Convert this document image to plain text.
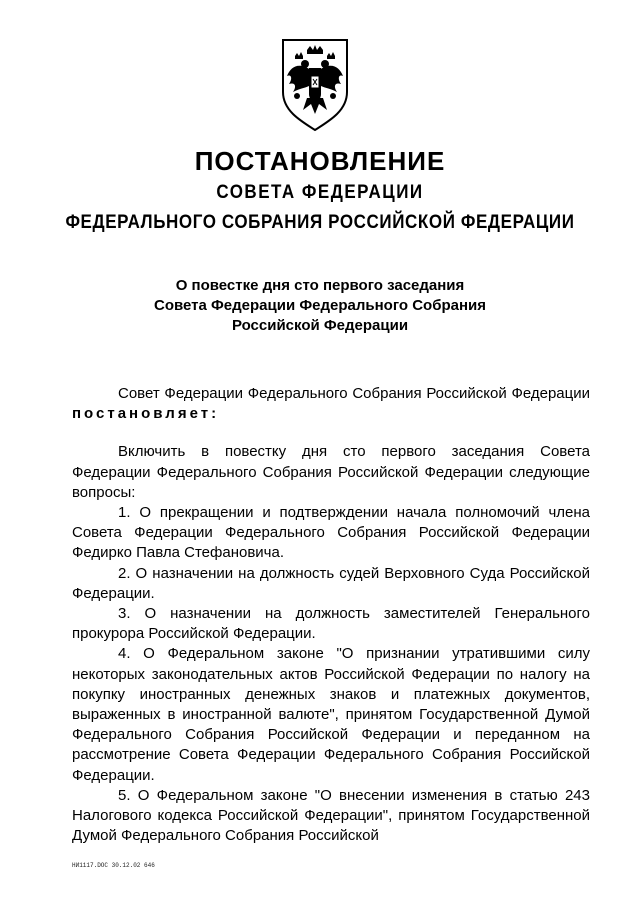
ПОСТАНОВЛЕНИЕ
СОВЕТА ФЕДЕРАЦИИ
ФЕДЕРАЛЬНОГО СОБРАНИЯ РОССИЙСКОЙ ФЕДЕРАЦИИ
О повестке дня сто первого заседания
Совета Федерации Федерального Собрания
Российской Федерации

Совет Федерации Федерального Собрания Российской Федерации постановляет:

Включить в повестку дня сто первого заседания Совета Федерации Федерального Собрания Российской Федерации следующие вопросы:

1. О прекращении и подтверждении начала полномочий члена Совета Федерации Федерального Собрания Российской Федерации Федирко Павла Стефановича.

2. О назначении на должность судей Верховного Суда Российской Федерации.

3. О назначении на должность заместителей Генерального прокурора Российской Федерации.

4. О Федеральном законе "О признании утратившими силу некоторых законодательных актов Российской Федерации по налогу на покупку иностранных денежных знаков и платежных документов, выраженных в иностранной валюте", принятом Государственной Думой Федерального Собрания Российской Федерации и переданном на рассмотрение Совета Федерации Федерального Собрания Российской Федерации.

5. О Федеральном законе "О внесении изменения в статью 243 Налогового кодекса Российской Федерации", принятом Государственной Думой Федерального Собрания Российской

НИ1117.DOC 30.12.02 646
